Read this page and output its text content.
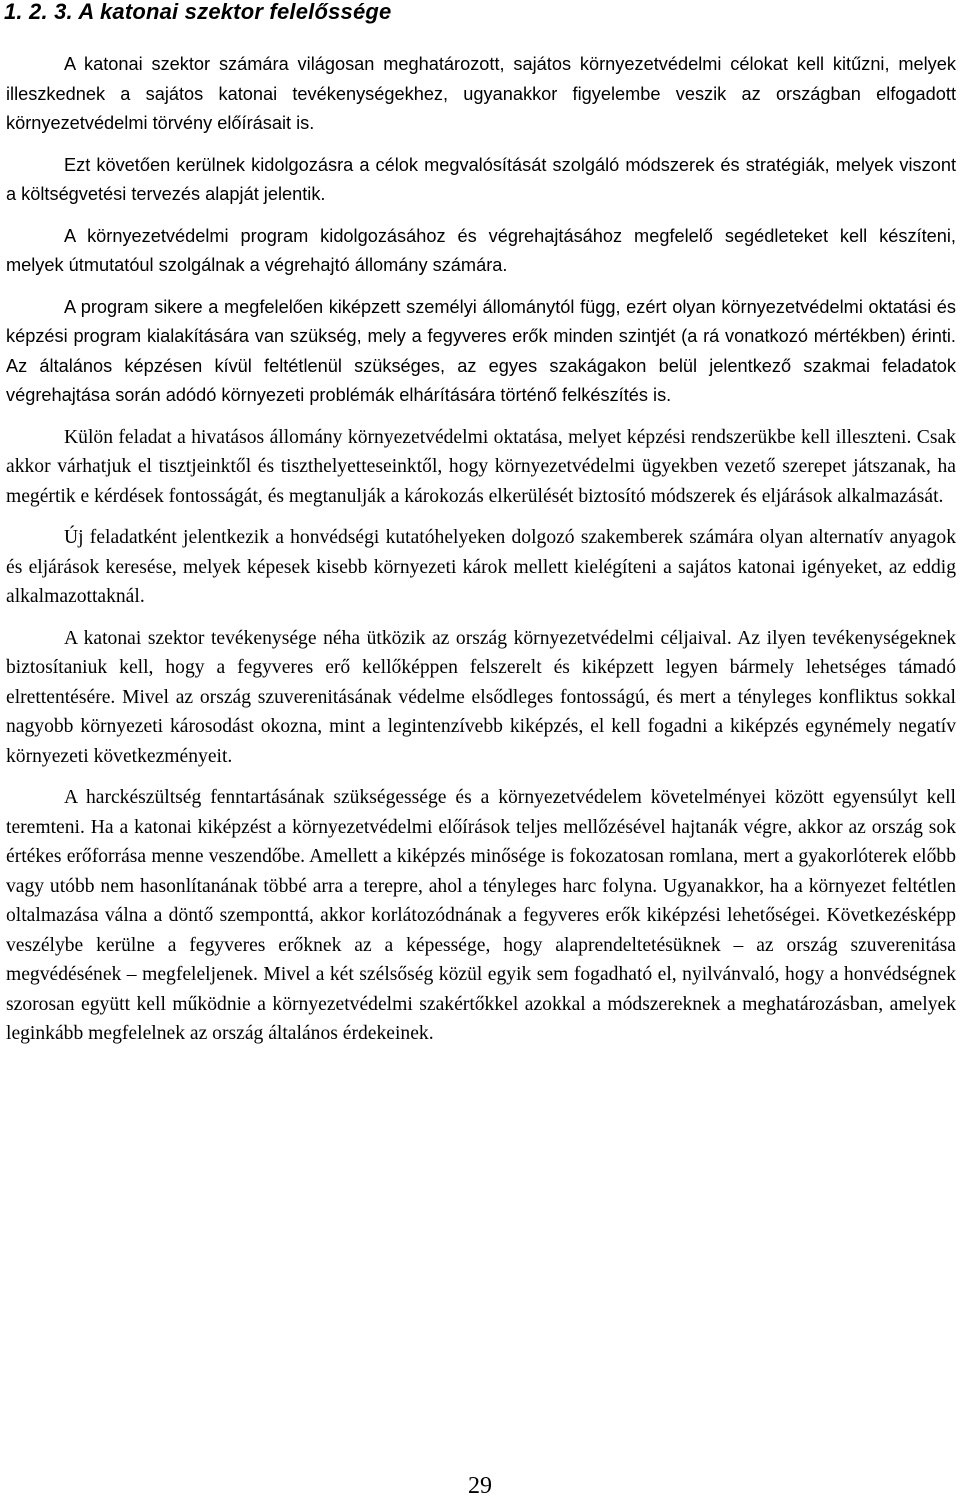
1. 2. 3. A katonai szektor felelőssége

A katonai szektor számára világosan meghatározott, sajátos környezetvédelmi célokat kell kitűzni, melyek illeszkednek a sajátos katonai tevékenységekhez, ugyanakkor figyelembe veszik az országban elfogadott környezetvédelmi törvény előírásait is.

Ezt követően kerülnek kidolgozásra a célok megvalósítását szolgáló módszerek és stratégiák, melyek viszont a költségvetési tervezés alapját jelentik.

A környezetvédelmi program kidolgozásához és végrehajtásához megfelelő segédleteket kell készíteni, melyek útmutatóul szolgálnak a végrehajtó állomány számára.

A program sikere a megfelelően kiképzett személyi állománytól függ, ezért olyan környezetvédelmi oktatási és képzési program kialakítására van szükség, mely a fegyveres erők minden szintjét (a rá vonatkozó mértékben) érinti. Az általános képzésen kívül feltétlenül szükséges, az egyes szakágakon belül jelentkező szakmai feladatok végrehajtása során adódó környezeti problémák elhárítására történő felkészítés is.

Külön feladat a hivatásos állomány környezetvédelmi oktatása, melyet képzési rendszerükbe kell illeszteni. Csak akkor várhatjuk el tisztjeinktől és tiszthelyetteseinktől, hogy környezetvédelmi ügyekben vezető szerepet játszanak, ha megértik e kérdések fontosságát, és megtanulják a károkozás elkerülését biztosító módszerek és eljárások alkalmazását.

Új feladatként jelentkezik a honvédségi kutatóhelyeken dolgozó szakemberek számára olyan alternatív anyagok és eljárások keresése, melyek képesek kisebb környezeti károk mellett kielégíteni a sajátos katonai igényeket, az eddig alkalmazottaknál.

A katonai szektor tevékenysége néha ütközik az ország környezetvédelmi céljaival. Az ilyen tevékenységeknek biztosítaniuk kell, hogy a fegyveres erő kellőképpen felszerelt és kiképzett legyen bármely lehetséges támadó elrettentésére. Mivel az ország szuverenitásának védelme elsődleges fontosságú, és mert a tényleges konfliktus sokkal nagyobb környezeti károsodást okozna, mint a legintenzívebb kiképzés, el kell fogadni a kiképzés egynémely negatív környezeti következményeit.

A harckészültség fenntartásának szükségessége és a környezetvédelem követelményei között egyensúlyt kell teremteni. Ha a katonai kiképzést a környezetvédelmi előírások teljes mellőzésével hajtanák végre, akkor az ország sok értékes erőforrása menne veszendőbe. Amellett a kiképzés minősége is fokozatosan romlana, mert a gyakorlóterek előbb vagy utóbb nem hasonlítanának többé arra a terepre, ahol a tényleges harc folyna. Ugyanakkor, ha a környezet feltétlen oltalmazása válna a döntő szemponttá, akkor korlátozódnának a fegyveres erők kiképzési lehetőségei. Következésképp veszélybe kerülne a fegyveres erőknek az a képessége, hogy alaprendeltetésüknek – az ország szuverenitása megvédésének – megfeleljenek. Mivel a két szélsőség közül egyik sem fogadható el, nyilvánvaló, hogy a honvédségnek szorosan együtt kell működnie a környezetvédelmi szakértőkkel azokkal a módszereknek a meghatározásban, amelyek leginkább megfelelnek az ország általános érdekeinek.

29
